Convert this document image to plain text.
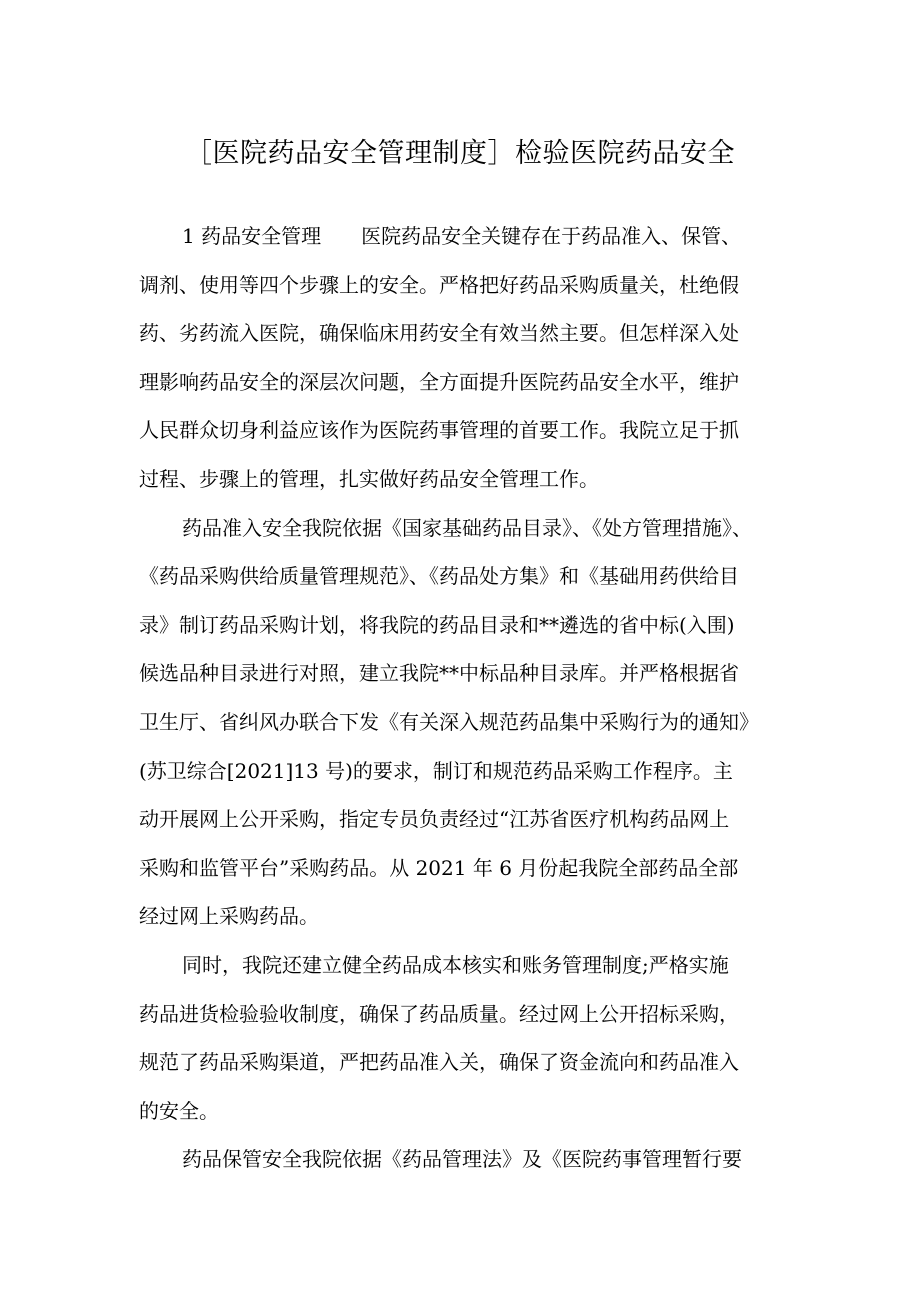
［医院药品安全管理制度］检验医院药品安全

1 药品安全管理　　医院药品安全关键存在于药品准入、保管、
调剂、使用等四个步骤上的安全。严格把好药品采购质量关，杜绝假
药、劣药流入医院，确保临床用药安全有效当然主要。但怎样深入处
理影响药品安全的深层次问题，全方面提升医院药品安全水平，维护
人民群众切身利益应该作为医院药事管理的首要工作。我院立足于抓
过程、步骤上的管理，扎实做好药品安全管理工作。

药品准入安全我院依据《国家基础药品目录》、《处方管理措施》、
《药品采购供给质量管理规范》、《药品处方集》和《基础用药供给目
录》制订药品采购计划，将我院的药品目录和**遴选的省中标(入围)
候选品种目录进行对照，建立我院**中标品种目录库。并严格根据省
卫生厅、省纠风办联合下发《有关深入规范药品集中采购行为的通知》
(苏卫综合[2021]13 号)的要求，制订和规范药品采购工作程序。主
动开展网上公开采购，指定专员负责经过“江苏省医疗机构药品网上
采购和监管平台”采购药品。从 2021 年 6 月份起我院全部药品全部
经过网上采购药品。

同时，我院还建立健全药品成本核实和账务管理制度;严格实施
药品进货检验验收制度，确保了药品质量。经过网上公开招标采购，
规范了药品采购渠道，严把药品准入关，确保了资金流向和药品准入
的安全。

药品保管安全我院依据《药品管理法》及《医院药事管理暂行要
